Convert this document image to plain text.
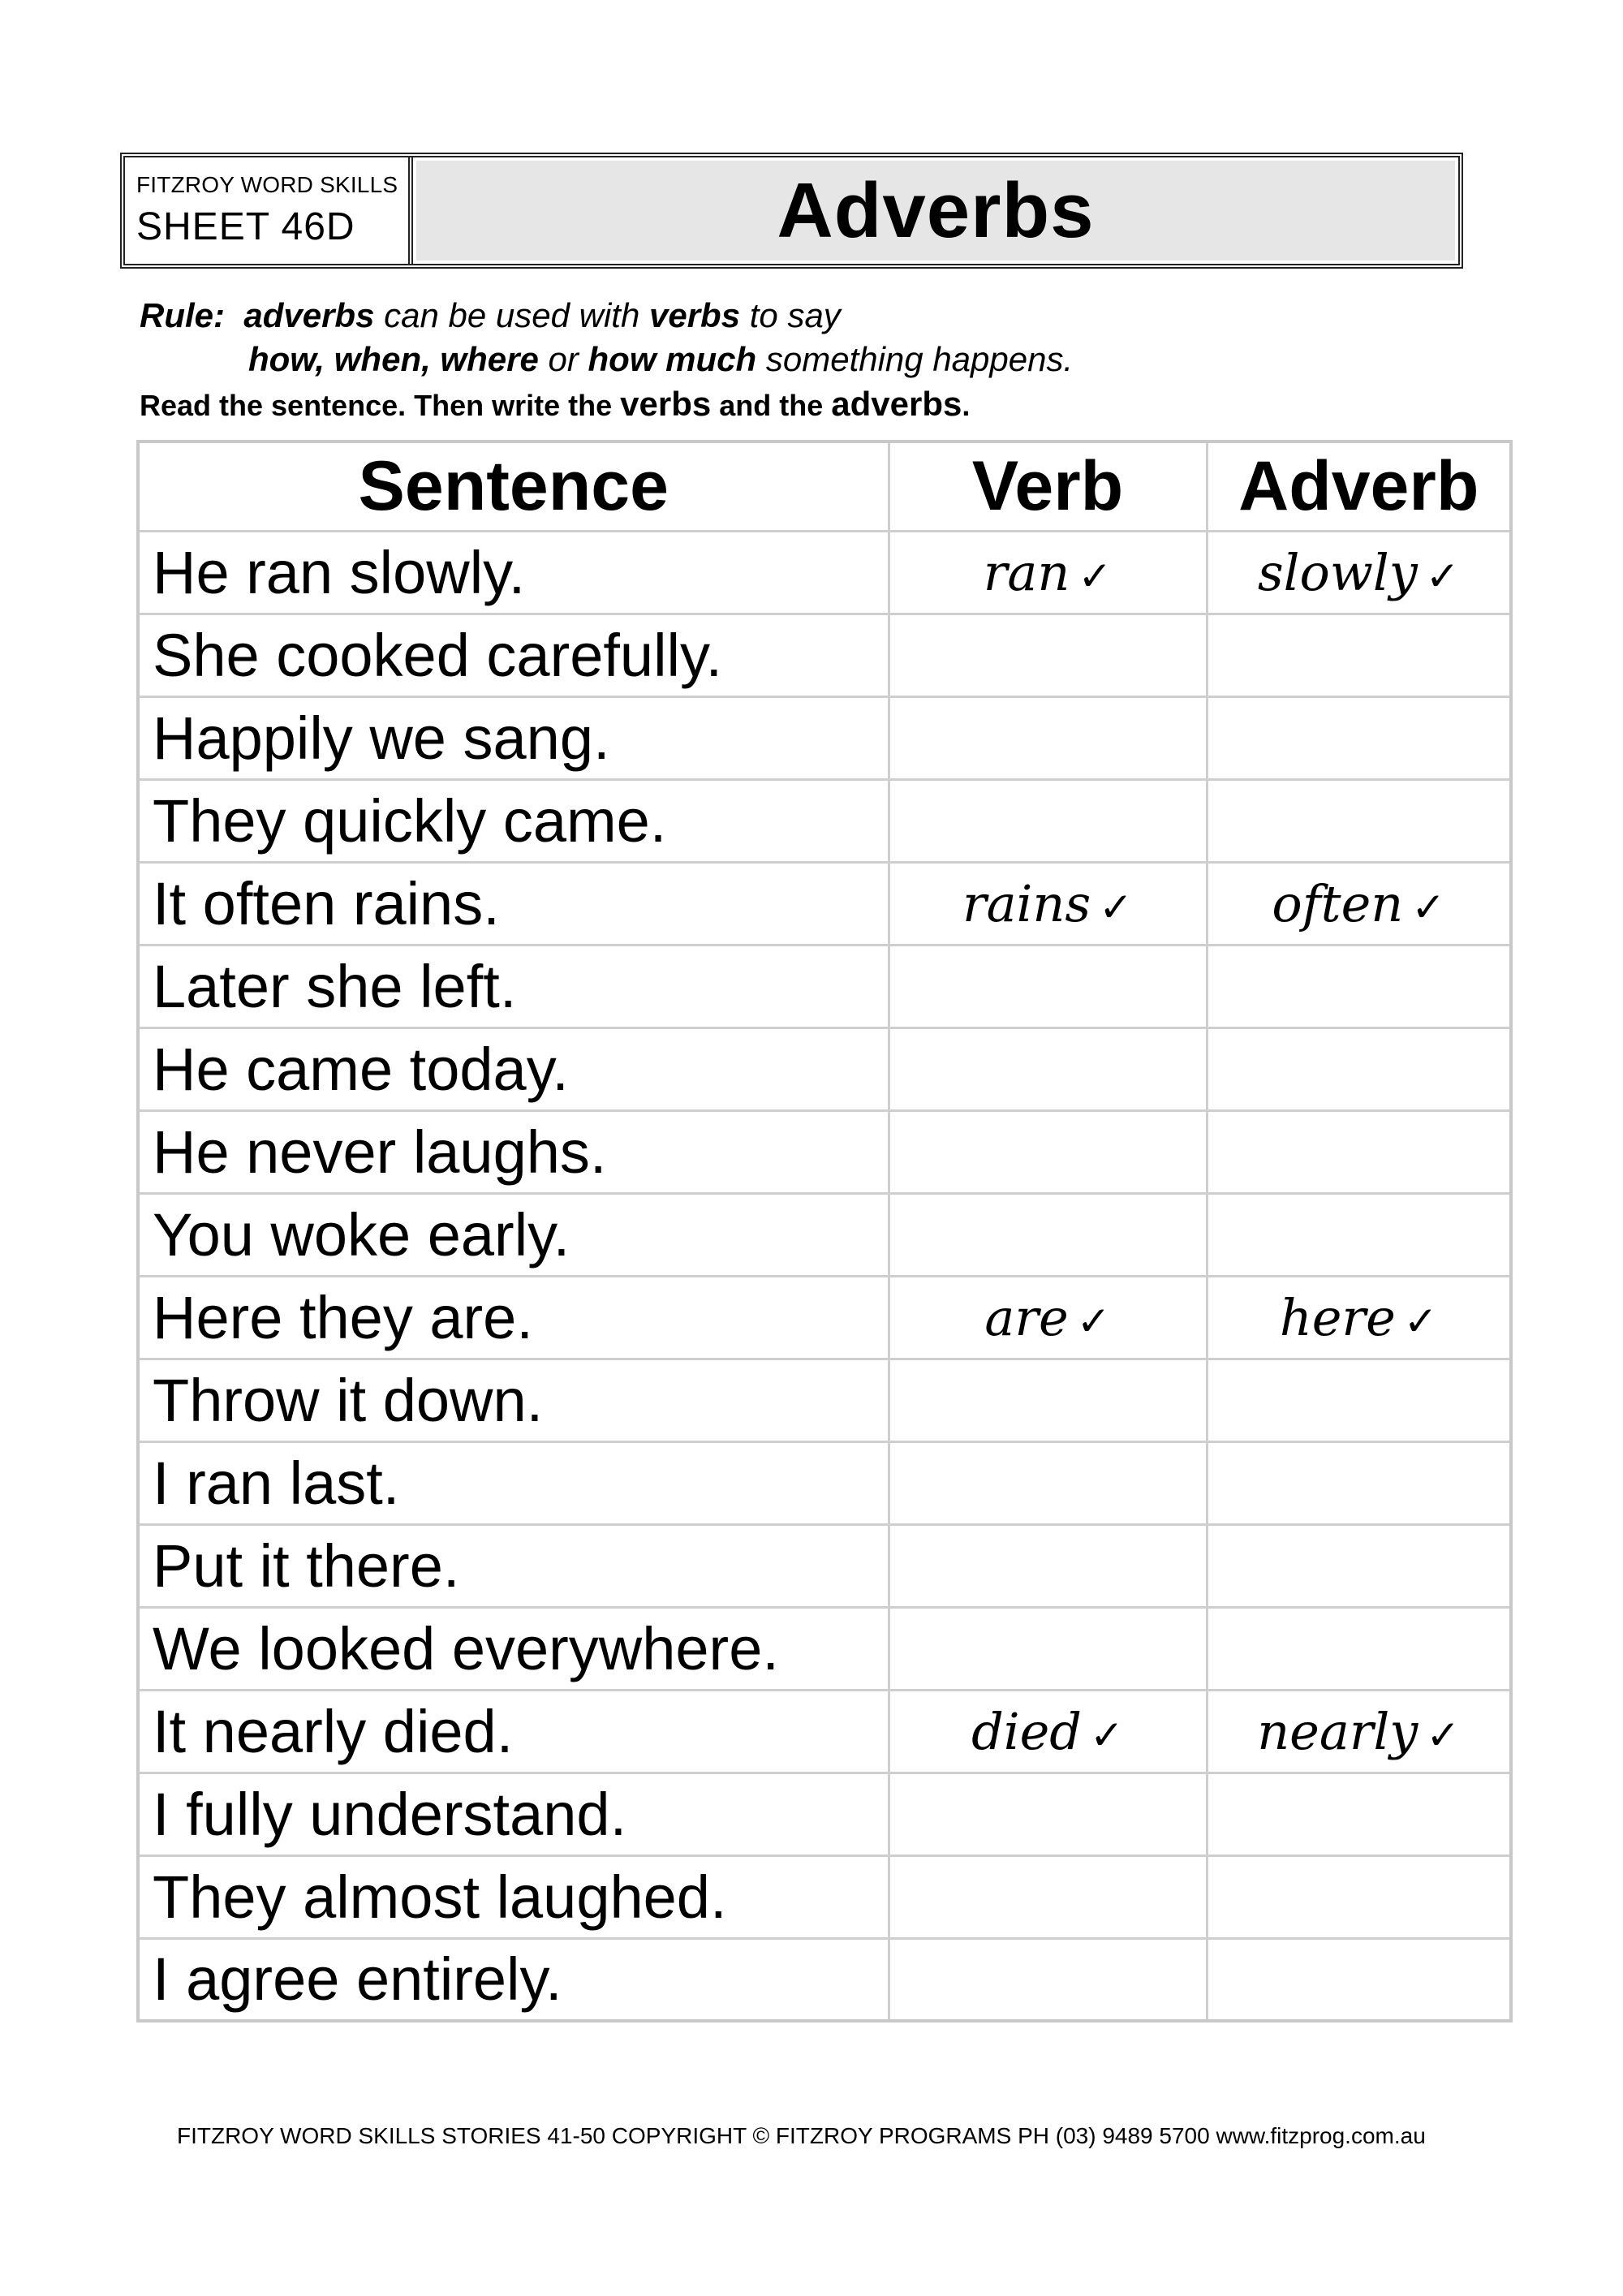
FITZROY WORD SKILLS
SHEET 46D	Adverbs
Rule: adverbs can be used with verbs to say
how, when, where or how much something happens.
Read the sentence. Then write the verbs and the adverbs.
Sentence	Verb	Adverb
He ran slowly.	ran ✓	slowly ✓
She cooked carefully.		
Happily we sang.		
They quickly came.		
It often rains.	rains ✓	often ✓
Later she left.		
He came today.		
He never laughs.		
You woke early.		
Here they are.	are ✓	here ✓
Throw it down.		
I ran last.		
Put it there.		
We looked everywhere.		
It nearly died.	died ✓	nearly ✓
I fully understand.		
They almost laughed.		
I agree entirely.		
FITZROY WORD SKILLS STORIES 41-50 COPYRIGHT © FITZROY PROGRAMS PH (03) 9489 5700 www.fitzprog.com.au
